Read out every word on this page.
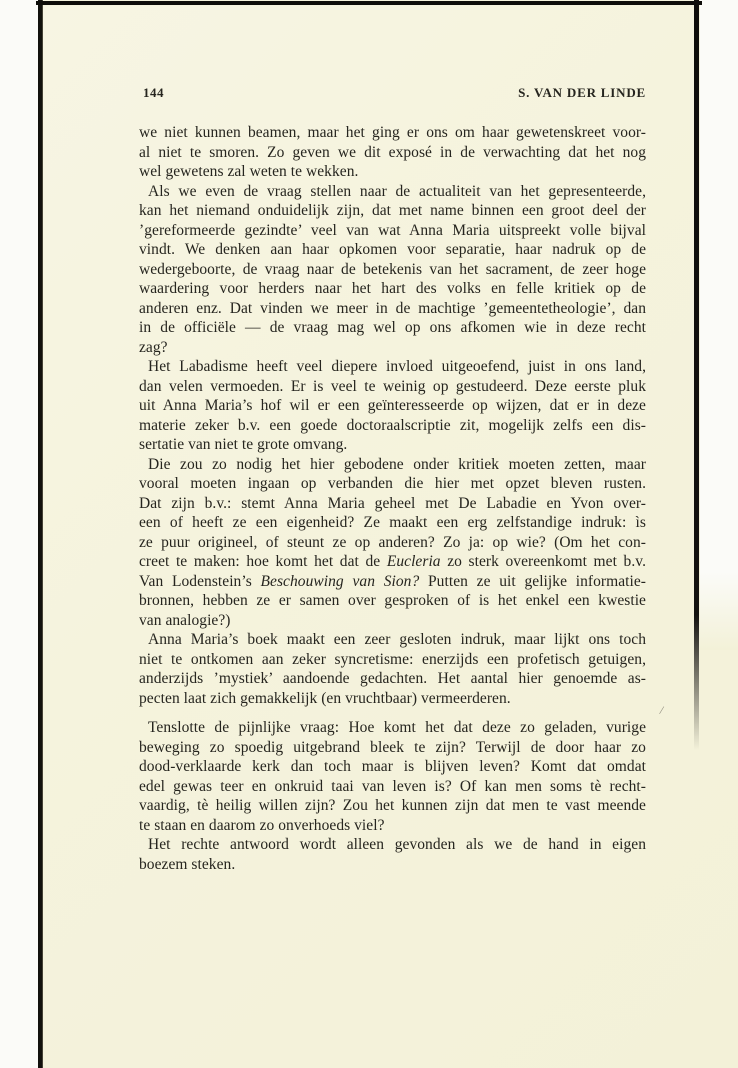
144	S. VAN DER LINDE
we niet kunnen beamen, maar het ging er ons om haar gewetenskreet voor-
al niet te smoren. Zo geven we dit exposé in de verwachting dat het nog
wel gewetens zal weten te wekken.
Als we even de vraag stellen naar de actualiteit van het gepresenteerde,
kan het niemand onduidelijk zijn, dat met name binnen een groot deel der
’gereformeerde gezindte’ veel van wat Anna Maria uitspreekt volle bijval
vindt. We denken aan haar opkomen voor separatie, haar nadruk op de
wedergeboorte, de vraag naar de betekenis van het sacrament, de zeer hoge
waardering voor herders naar het hart des volks en felle kritiek op de
anderen enz. Dat vinden we meer in de machtige ’gemeentetheologie’, dan
in de officiële — de vraag mag wel op ons afkomen wie in deze recht
zag?
Het Labadisme heeft veel diepere invloed uitgeoefend, juist in ons land,
dan velen vermoeden. Er is veel te weinig op gestudeerd. Deze eerste pluk
uit Anna Maria’s hof wil er een geïnteresseerde op wijzen, dat er in deze
materie zeker b.v. een goede doctoraalscriptie zit, mogelijk zelfs een dis-
sertatie van niet te grote omvang.
Die zou zo nodig het hier gebodene onder kritiek moeten zetten, maar
vooral moeten ingaan op verbanden die hier met opzet bleven rusten.
Dat zijn b.v.: stemt Anna Maria geheel met De Labadie en Yvon over-
een of heeft ze een eigenheid? Ze maakt een erg zelfstandige indruk: ìs
ze puur origineel, of steunt ze op anderen? Zo ja: op wie? (Om het con-
creet te maken: hoe komt het dat de Eucleria zo sterk overeenkomt met b.v.
Van Lodenstein’s Beschouwing van Sion? Putten ze uit gelijke informatie-
bronnen, hebben ze er samen over gesproken of is het enkel een kwestie
van analogie?)
Anna Maria’s boek maakt een zeer gesloten indruk, maar lijkt ons toch
niet te ontkomen aan zeker syncretisme: enerzijds een profetisch getuigen,
anderzijds ’mystiek’ aandoende gedachten. Het aantal hier genoemde as-
pecten laat zich gemakkelijk (en vruchtbaar) vermeerderen.
Tenslotte de pijnlijke vraag: Hoe komt het dat deze zo geladen, vurige
beweging zo spoedig uitgebrand bleek te zijn? Terwijl de door haar zo
dood-verklaarde kerk dan toch maar is blijven leven? Komt dat omdat
edel gewas teer en onkruid taai van leven is? Of kan men soms tè recht-
vaardig, tè heilig willen zijn? Zou het kunnen zijn dat men te vast meende
te staan en daarom zo onverhoeds viel?
Het rechte antwoord wordt alleen gevonden als we de hand in eigen
boezem steken.
/
